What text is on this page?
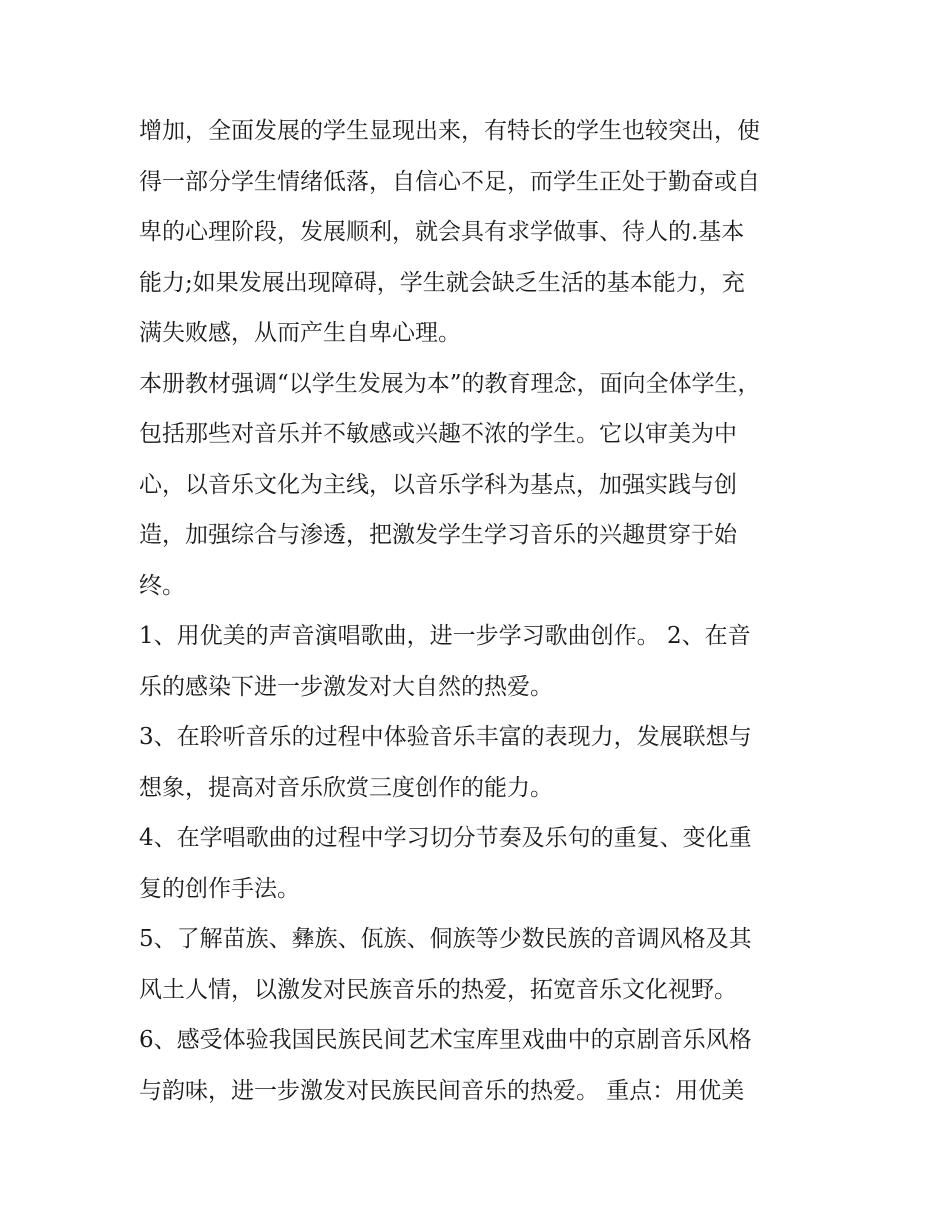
增加，全面发展的学生显现出来，有特长的学生也较突出，使
得一部分学生情绪低落，自信心不足，而学生正处于勤奋或自
卑的心理阶段，发展顺利，就会具有求学做事、待人的.基本
能力;如果发展出现障碍，学生就会缺乏生活的基本能力，充
满失败感，从而产生自卑心理。
本册教材强调“以学生发展为本”的教育理念，面向全体学生，
包括那些对音乐并不敏感或兴趣不浓的学生。它以审美为中
心，以音乐文化为主线，以音乐学科为基点，加强实践与创
造，加强综合与渗透，把激发学生学习音乐的兴趣贯穿于始
终。
1、用优美的声音演唱歌曲，进一步学习歌曲创作。 2、在音
乐的感染下进一步激发对大自然的热爱。
3、在聆听音乐的过程中体验音乐丰富的表现力，发展联想与
想象，提高对音乐欣赏三度创作的能力。
4、在学唱歌曲的过程中学习切分节奏及乐句的重复、变化重
复的创作手法。
5、了解苗族、彝族、佤族、侗族等少数民族的音调风格及其
风土人情，以激发对民族音乐的热爱，拓宽音乐文化视野。
6、感受体验我国民族民间艺术宝库里戏曲中的京剧音乐风格
与韵味，进一步激发对民族民间音乐的热爱。 重点：用优美
